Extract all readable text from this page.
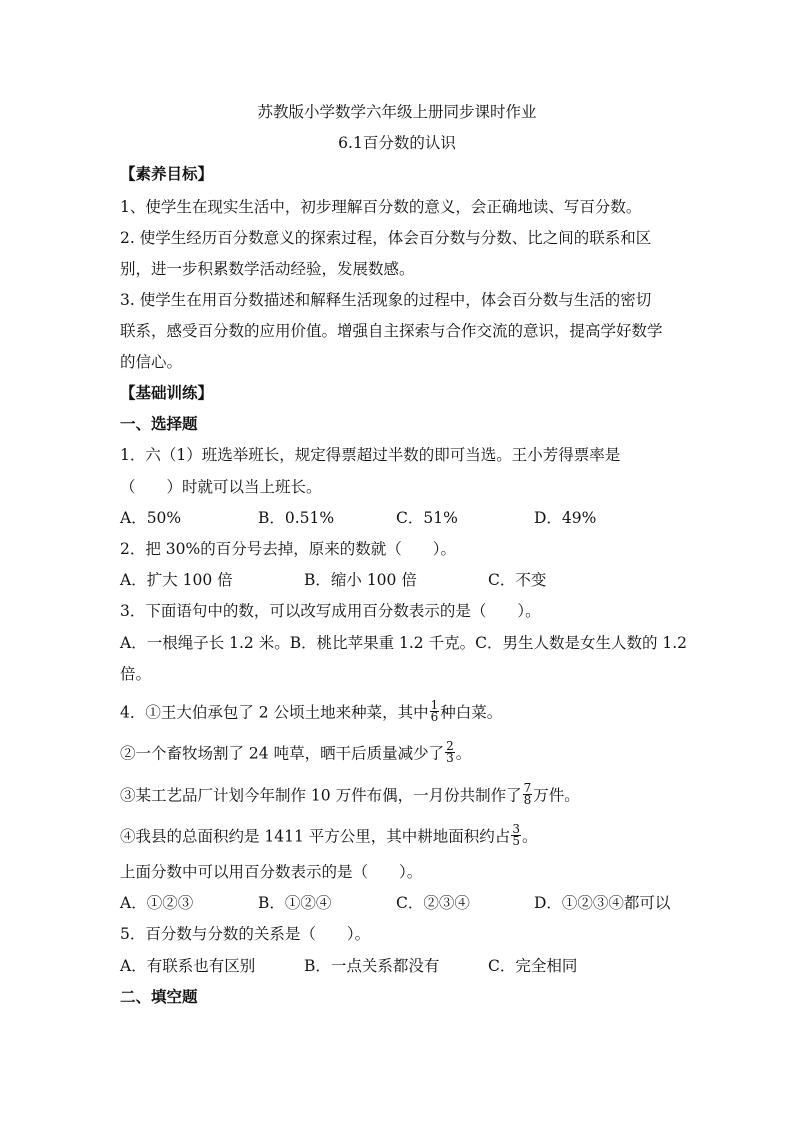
苏教版小学数学六年级上册同步课时作业
6.1百分数的认识
【素养目标】
1、使学生在现实生活中，初步理解百分数的意义，会正确地读、写百分数。
2. 使学生经历百分数意义的探索过程，体会百分数与分数、比之间的联系和区
别，进一步积累数学活动经验，发展数感。
3. 使学生在用百分数描述和解释生活现象的过程中，体会百分数与生活的密切
联系，感受百分数的应用价值。增强自主探索与合作交流的意识，提高学好数学
的信心。
【基础训练】
一、选择题
1．六（1）班选举班长，规定得票超过半数的即可当选。王小芳得票率是
（　　）时就可以当上班长。
A．50%	B．0.51%	C．51%	D．49%
2．把 30%的百分号去掉，原来的数就（　　）。
A．扩大 100 倍	B．缩小 100 倍	C．不变
3．下面语句中的数，可以改写成用百分数表示的是（　　）。
A．一根绳子长 1.2 米。B．桃比苹果重 1.2 千克。C．男生人数是女生人数的 1.2
倍。
4．①王大伯承包了 2 公顷土地来种菜，其中 $\frac{1}{6}$ 种白菜。
②一个畜牧场割了 24 吨草，晒干后质量减少了 $\frac{2}{3}$ 。
③某工艺品厂计划今年制作 10 万件布偶，一月份共制作了 $\frac{7}{8}$ 万件。
④我县的总面积约是 1411 平方公里，其中耕地面积约占 $\frac{3}{5}$ 。
上面分数中可以用百分数表示的是（　　）。
A．①②③	B．①②④	C．②③④	D．①②③④都可以
5．百分数与分数的关系是（　　）。
A．有联系也有区别	B．一点关系都没有	C．完全相同
二、填空题
